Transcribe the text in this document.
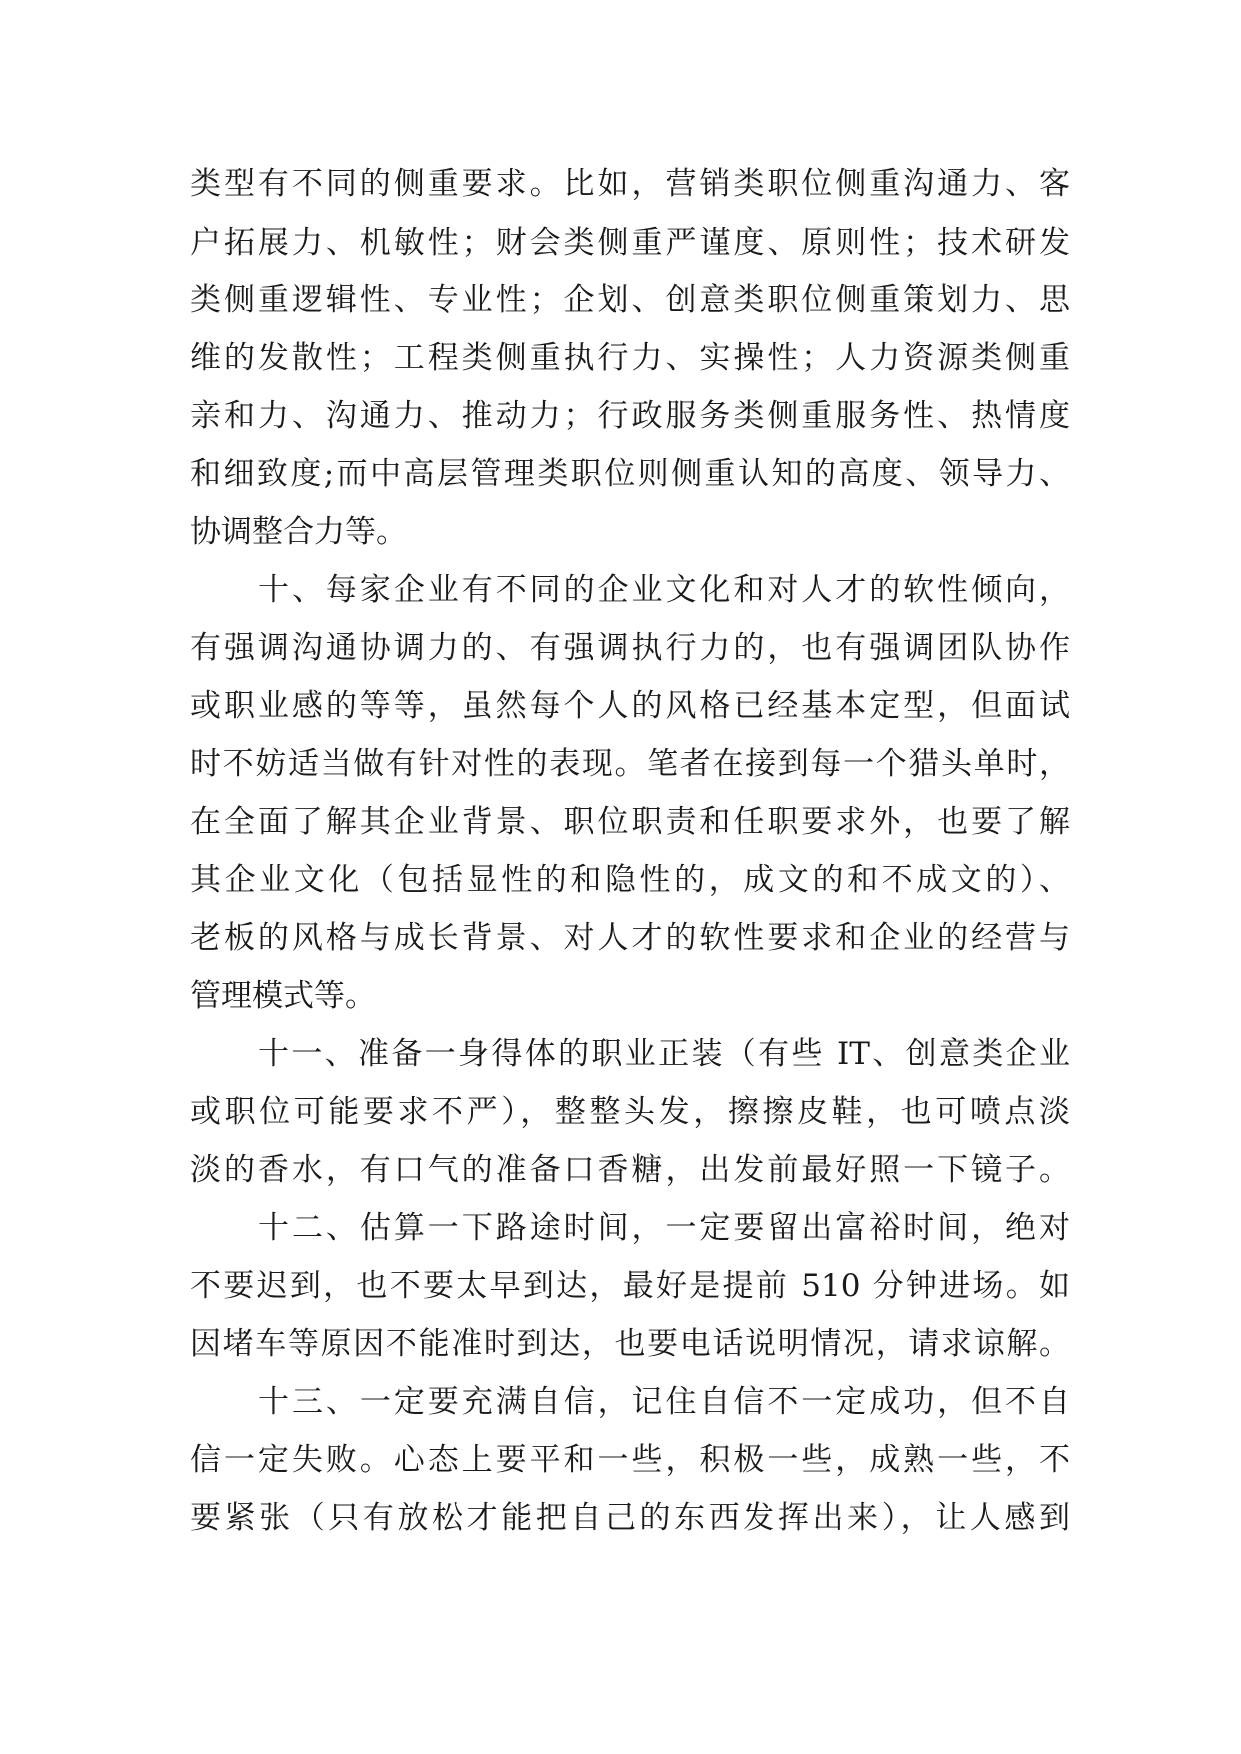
类型有不同的侧重要求。比如，营销类职位侧重沟通力、客
户拓展力、机敏性；财会类侧重严谨度、原则性；技术研发
类侧重逻辑性、专业性；企划、创意类职位侧重策划力、思
维的发散性；工程类侧重执行力、实操性；人力资源类侧重
亲和力、沟通力、推动力；行政服务类侧重服务性、热情度
和细致度;而中高层管理类职位则侧重认知的高度、领导力、
协调整合力等。
十、每家企业有不同的企业文化和对人才的软性倾向，
有强调沟通协调力的、有强调执行力的，也有强调团队协作
或职业感的等等，虽然每个人的风格已经基本定型，但面试
时不妨适当做有针对性的表现。笔者在接到每一个猎头单时，
在全面了解其企业背景、职位职责和任职要求外，也要了解
其企业文化（包括显性的和隐性的，成文的和不成文的）、
老板的风格与成长背景、对人才的软性要求和企业的经营与
管理模式等。
十一、准备一身得体的职业正装（有些 IT、创意类企业
或职位可能要求不严），整整头发，擦擦皮鞋，也可喷点淡
淡的香水，有口气的准备口香糖，出发前最好照一下镜子。
十二、估算一下路途时间，一定要留出富裕时间，绝对
不要迟到，也不要太早到达，最好是提前 510 分钟进场。如
因堵车等原因不能准时到达，也要电话说明情况，请求谅解。
十三、一定要充满自信，记住自信不一定成功，但不自
信一定失败。心态上要平和一些，积极一些，成熟一些，不
要紧张（只有放松才能把自己的东西发挥出来），让人感到
